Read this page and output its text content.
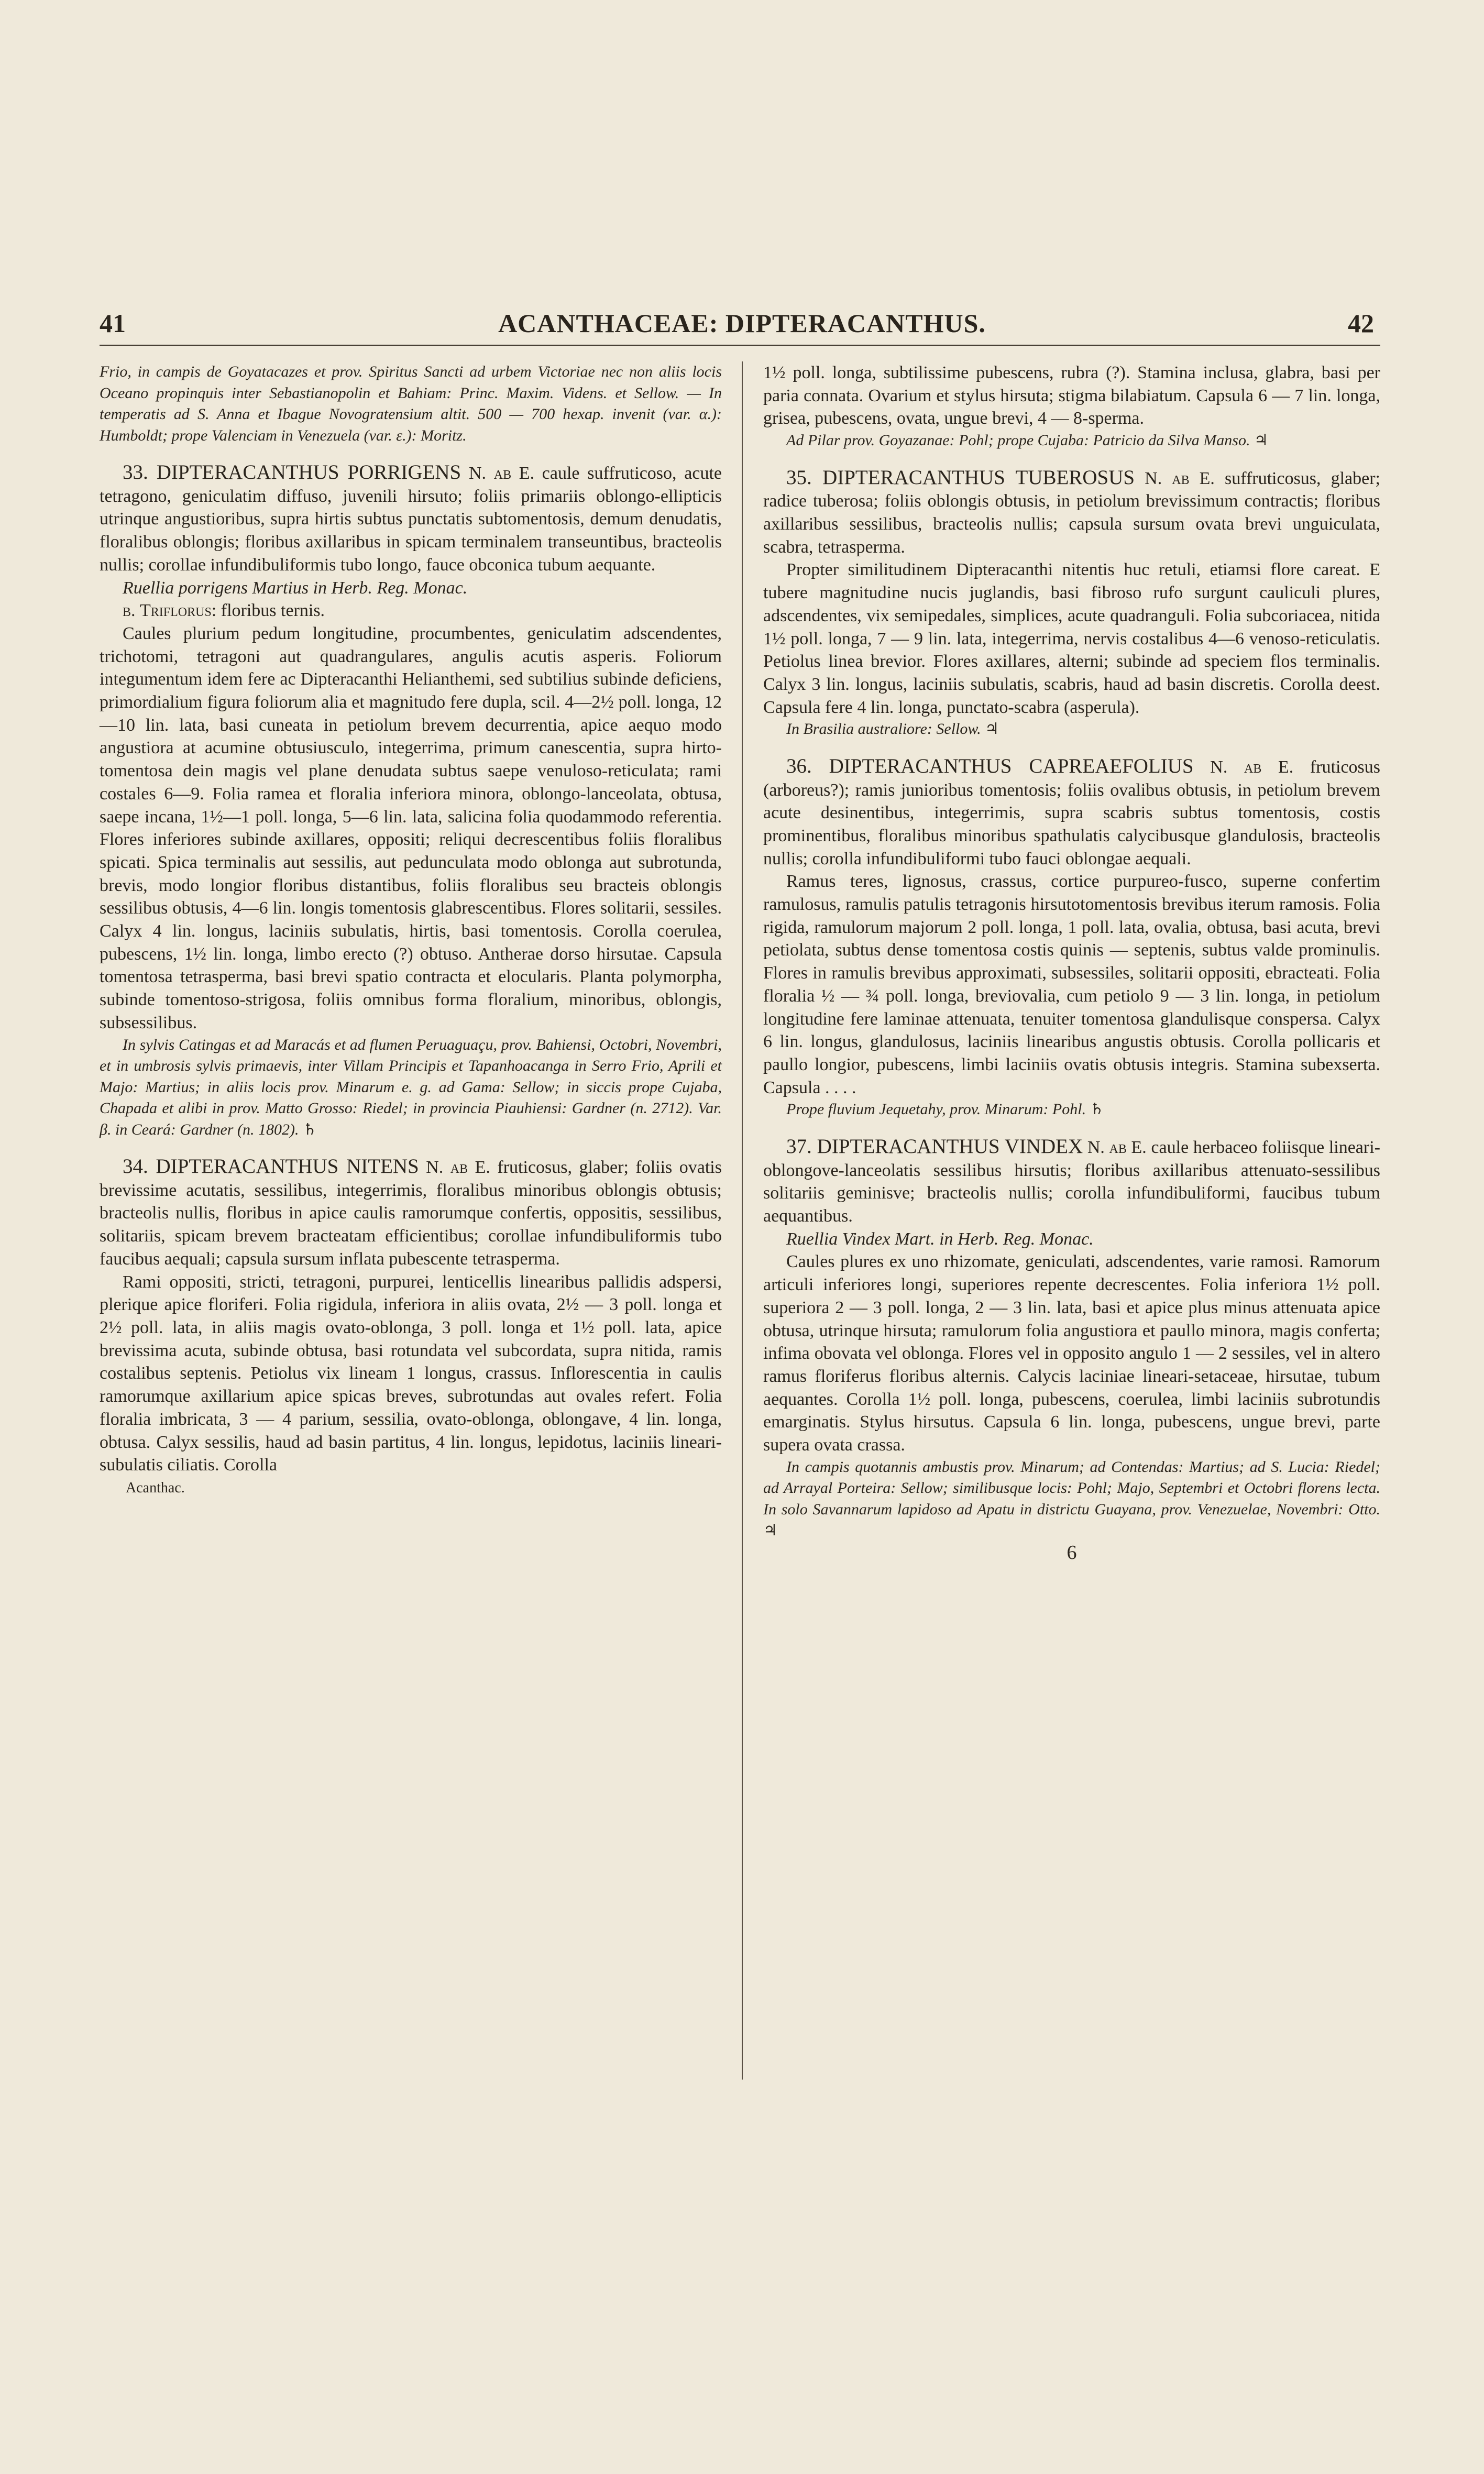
ACANTHACEAE: DIPTERACANTHUS.
41	42

Frio, in campis de Goyatacazes et prov. Spiritus Sancti ad urbem Victoriae nec non aliis locis Oceano propinquis inter Sebastianopolin et Bahiam: Princ. Maxim. Videns. et Sellow. — In temperatis ad S. Anna et Ibague Novogratensium altit. 500 — 700 hexap. invenit (var. α.): Humboldt; prope Valenciam in Venezuela (var. ε.): Moritz.

33. DIPTERACANTHUS PORRIGENS N. ab E. caule suffruticoso, acute tetragono, geniculatim diffuso, juvenili hirsuto; foliis primariis oblongo-ellipticis utrinque angustioribus, supra hirtis subtus punctatis subtomentosis, demum denudatis, floralibus oblongis; floribus axillaribus in spicam terminalem transeuntibus, bracteolis nullis; corollae infundibuliformis tubo longo, fauce obconica tubum aequante.

Ruellia porrigens Martius in Herb. Reg. Monac.

β. Triflorus: floribus ternis.

Caules plurium pedum longitudine, procumbentes, geniculatim adscendentes, trichotomi, tetragoni aut quadrangulares, angulis acutis asperis. Foliorum integumentum idem fere ac Dipteracanthi Helianthemi, sed subtilius subinde deficiens, primordialium figura foliorum alia et magnitudo fere dupla, scil. 4—2½ poll. longa, 12—10 lin. lata, basi cuneata in petiolum brevem decurrentia, apice aequo modo angustiora at acumine obtusiusculo, integerrima, primum canescentia, supra hirto-tomentosa dein magis vel plane denudata subtus saepe venuloso-reticulata; rami costales 6—9. Folia ramea et floralia inferiora minora, oblongo-lanceolata, obtusa, saepe incana, 1½—1 poll. longa, 5—6 lin. lata, salicina folia quodammodo referentia. Flores inferiores subinde axillares, oppositi; reliqui decrescentibus foliis floralibus spicati. Spica terminalis aut sessilis, aut pedunculata modo oblonga aut subrotunda, brevis, modo longior floribus distantibus, foliis floralibus seu bracteis oblongis sessilibus obtusis, 4—6 lin. longis tomentosis glabrescentibus. Flores solitarii, sessiles. Calyx 4 lin. longus, laciniis subulatis, hirtis, basi tomentosis. Corolla coerulea, pubescens, 1½ lin. longa, limbo erecto (?) obtuso. Antherae dorso hirsutae. Capsula tomentosa tetrasperma, basi brevi spatio contracta et elocularis. Planta polymorpha, subinde tomentoso-strigosa, foliis omnibus forma floralium, minoribus, oblongis, subsessilibus.

In sylvis Catingas et ad Maracás et ad flumen Peruaguaçu, prov. Bahiensi, Octobri, Novembri, et in umbrosis sylvis primaevis, inter Villam Principis et Tapanhoacanga in Serro Frio, Aprili et Majo: Martius; in aliis locis prov. Minarum e. g. ad Gama: Sellow; in siccis prope Cujaba, Chapada et alibi in prov. Matto Grosso: Riedel; in provincia Piauhiensi: Gardner (n. 2712). Var. β. in Ceará: Gardner (n. 1802). ♄

34. DIPTERACANTHUS NITENS N. ab E. fruticosus, glaber; foliis ovatis brevissime acutatis, sessilibus, integerrimis, floralibus minoribus oblongis obtusis; bracteolis nullis, floribus in apice caulis ramorumque confertis, oppositis, sessilibus, solitariis, spicam brevem bracteatam efficientibus; corollae infundibuliformis tubo faucibus aequali; capsula sursum inflata pubescente tetrasperma.

Rami oppositi, stricti, tetragoni, purpurei, lenticellis linearibus pallidis adspersi, plerique apice floriferi. Folia rigidula, inferiora in aliis ovata, 2½ — 3 poll. longa et 2½ poll. lata, in aliis magis ovato-oblonga, 3 poll. longa et 1½ poll. lata, apice brevissima acuta, subinde obtusa, basi rotundata vel subcordata, supra nitida, ramis costalibus septenis. Petiolus vix lineam 1 longus, crassus. Inflorescentia in caulis ramorumque axillarium apice spicas breves, subrotundas aut ovales refert. Folia floralia imbricata, 3 — 4 parium, sessilia, ovato-oblonga, oblongave, 4 lin. longa, obtusa. Calyx sessilis, haud ad basin partitus, 4 lin. longus, lepidotus, laciniis lineari-subulatis ciliatis. Corolla

Acanthac.

1½ poll. longa, subtilissime pubescens, rubra (?). Stamina inclusa, glabra, basi per paria connata. Ovarium et stylus hirsuta; stigma bilabiatum. Capsula 6 — 7 lin. longa, grisea, pubescens, ovata, ungue brevi, 4 — 8-sperma.

Ad Pilar prov. Goyazanae: Pohl; prope Cujaba: Patricio da Silva Manso. ♃

35. DIPTERACANTHUS TUBEROSUS N. ab E. suffruticosus, glaber; radice tuberosa; foliis oblongis obtusis, in petiolum brevissimum contractis; floribus axillaribus sessilibus, bracteolis nullis; capsula sursum ovata brevi unguiculata, scabra, tetrasperma.

Propter similitudinem Dipteracanthi nitentis huc retuli, etiamsi flore careat. E tubere magnitudine nucis juglandis, basi fibroso rufo surgunt cauliculi plures, adscendentes, vix semipedales, simplices, acute quadranguli. Folia subcoriacea, nitida 1½ poll. longa, 7 — 9 lin. lata, integerrima, nervis costalibus 4—6 venoso-reticulatis. Petiolus linea brevior. Flores axillares, alterni; subinde ad speciem flos terminalis. Calyx 3 lin. longus, laciniis subulatis, scabris, haud ad basin discretis. Corolla deest. Capsula fere 4 lin. longa, punctato-scabra (asperula).

In Brasilia australiore: Sellow. ♃

36. DIPTERACANTHUS CAPREAEFOLIUS N. ab E. fruticosus (arboreus?); ramis junioribus tomentosis; foliis ovalibus obtusis, in petiolum brevem acute desinentibus, integerrimis, supra scabris subtus tomentosis, costis prominentibus, floralibus minoribus spathulatis calycibusque glandulosis, bracteolis nullis; corolla infundibuliformi tubo fauci oblongae aequali.

Ramus teres, lignosus, crassus, cortice purpureo-fusco, superne confertim ramulosus, ramulis patulis tetragonis hirsutotomentosis brevibus iterum ramosis. Folia rigida, ramulorum majorum 2 poll. longa, 1 poll. lata, ovalia, obtusa, basi acuta, brevi petiolata, subtus dense tomentosa costis quinis — septenis, subtus valde prominulis. Flores in ramulis brevibus approximati, subsessiles, solitarii oppositi, ebracteati. Folia floralia ½ — ¾ poll. longa, breviovalia, cum petiolo 9 — 3 lin. longa, in petiolum longitudine fere laminae attenuata, tenuiter tomentosa glandulisque conspersa. Calyx 6 lin. longus, glandulosus, laciniis linearibus angustis obtusis. Corolla pollicaris et paullo longior, pubescens, limbi laciniis ovatis obtusis integris. Stamina subexserta. Capsula . . . .

Prope fluvium Jequetahy, prov. Minarum: Pohl. ♄

37. DIPTERACANTHUS VINDEX N. ab E. caule herbaceo foliisque lineari-oblongove-lanceolatis sessilibus hirsutis; floribus axillaribus attenuato-sessilibus solitariis geminisve; bracteolis nullis; corolla infundibuliformi, faucibus tubum aequantibus.

Ruellia Vindex Mart. in Herb. Reg. Monac.

Caules plures ex uno rhizomate, geniculati, adscendentes, varie ramosi. Ramorum articuli inferiores longi, superiores repente decrescentes. Folia inferiora 1½ poll. superiora 2 — 3 poll. longa, 2 — 3 lin. lata, basi et apice plus minus attenuata apice obtusa, utrinque hirsuta; ramulorum folia angustiora et paullo minora, magis conferta; infima obovata vel oblonga. Flores vel in opposito angulo 1 — 2 sessiles, vel in altero ramus floriferus floribus alternis. Calycis laciniae lineari-setaceae, hirsutae, tubum aequantes. Corolla 1½ poll. longa, pubescens, coerulea, limbi laciniis subrotundis emarginatis. Stylus hirsutus. Capsula 6 lin. longa, pubescens, ungue brevi, parte supera ovata crassa.

In campis quotannis ambustis prov. Minarum; ad Contendas: Martius; ad S. Lucia: Riedel; ad Arrayal Porteira: Sellow; similibusque locis: Pohl; Majo, Septembri et Octobri florens lecta. In solo Savannarum lapidoso ad Apatu in districtu Guayana, prov. Venezuelae, Novembri: Otto. ♃

6
